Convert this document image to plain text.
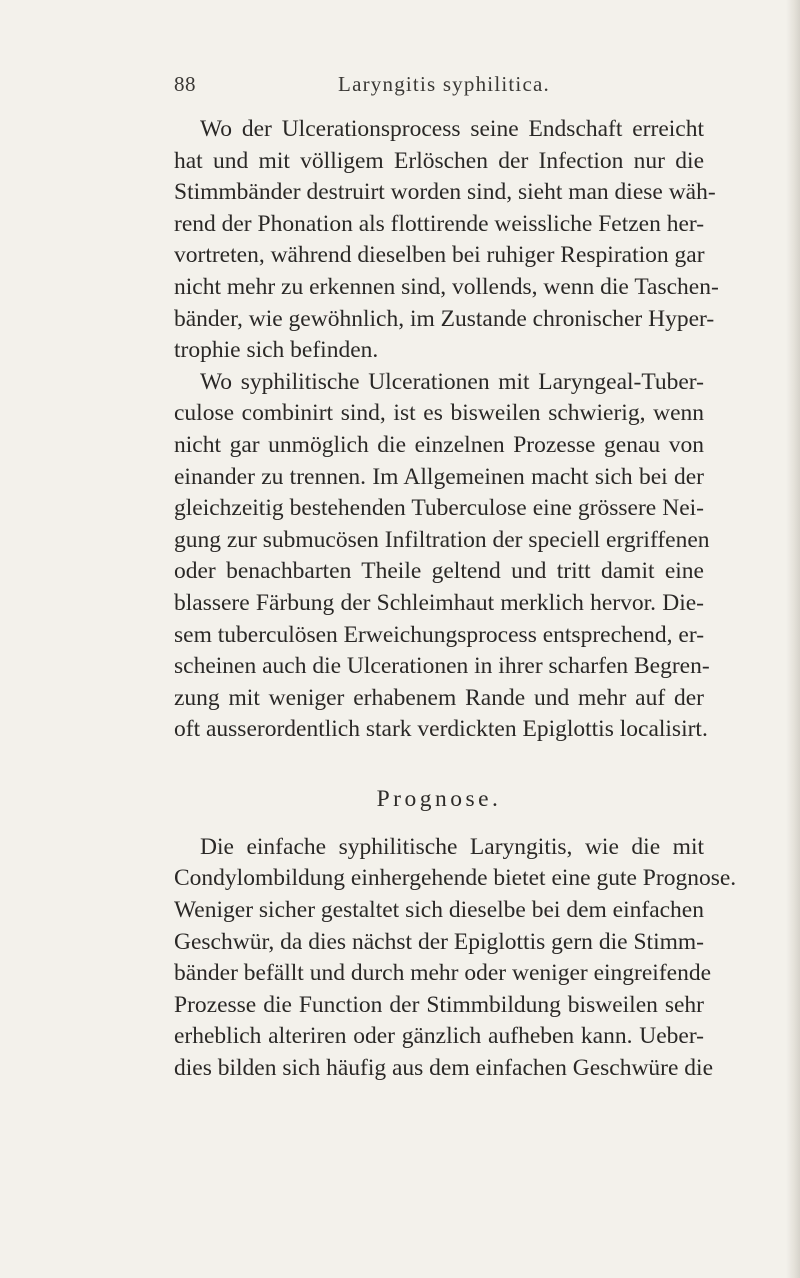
88	Laryngitis syphilitica.
Wo der Ulcerationsprocess seine Endschaft erreicht
hat und mit völligem Erlöschen der Infection nur die
Stimmbänder destruirt worden sind, sieht man diese wäh-
rend der Phonation als flottirende weissliche Fetzen her-
vortreten, während dieselben bei ruhiger Respiration gar
nicht mehr zu erkennen sind, vollends, wenn die Taschen-
bänder, wie gewöhnlich, im Zustande chronischer Hyper-
trophie sich befinden.
Wo syphilitische Ulcerationen mit Laryngeal-Tuber-
culose combinirt sind, ist es bisweilen schwierig, wenn
nicht gar unmöglich die einzelnen Prozesse genau von
einander zu trennen. Im Allgemeinen macht sich bei der
gleichzeitig bestehenden Tuberculose eine grössere Nei-
gung zur submucösen Infiltration der speciell ergriffenen
oder benachbarten Theile geltend und tritt damit eine
blassere Färbung der Schleimhaut merklich hervor. Die-
sem tuberculösen Erweichungsprocess entsprechend, er-
scheinen auch die Ulcerationen in ihrer scharfen Begren-
zung mit weniger erhabenem Rande und mehr auf der
oft ausserordentlich stark verdickten Epiglottis localisirt.
Prognose.
Die einfache syphilitische Laryngitis, wie die mit
Condylombildung einhergehende bietet eine gute Prognose.
Weniger sicher gestaltet sich dieselbe bei dem einfachen
Geschwür, da dies nächst der Epiglottis gern die Stimm-
bänder befällt und durch mehr oder weniger eingreifende
Prozesse die Function der Stimmbildung bisweilen sehr
erheblich alteriren oder gänzlich aufheben kann. Ueber-
dies bilden sich häufig aus dem einfachen Geschwüre die
